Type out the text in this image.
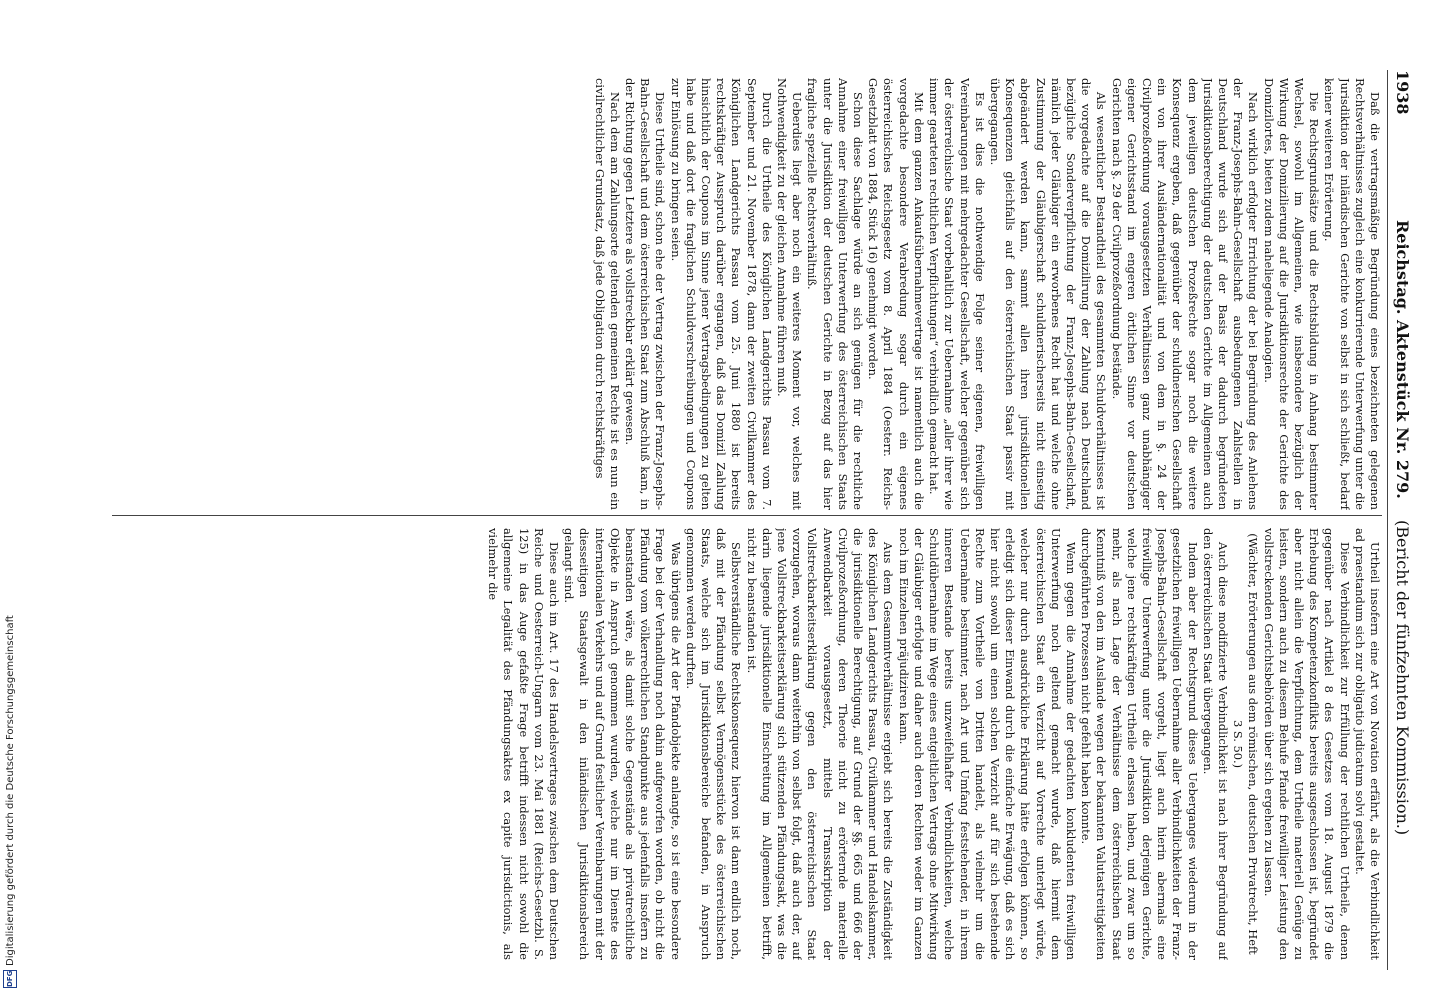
DFG
Digitalisierung gefördert durch die Deutsche Forschungsgemeinschaft
1938
Reichstag. Aktenstück Nr. 279.
(Bericht der fünfzehnten Kommission.)

Daß die vertragsmäßige Begründung eines bezeichneten gelegenen Rechtsverhältnisses zugleich eine konkurrierende Unterwerfung unter die Jurisdiktion der inländischen Gerichte von selbst in sich schließt, bedarf keiner weiteren Erörterung.

Die Rechtsgrundsätze und die Rechtsbildung in Anhang bestimmter Wechsel, sowohl im Allgemeinen, wie insbesondere bezüglich der Wirkung der Domizilierung auf die Jurisdiktionsrechte der Gerichte des Domizilortes, bieten zudem naheliegende Analogien.

Nach wirklich erfolgter Errichtung der bei Begründung des Anlehens der Franz-Josephs-Bahn-Gesellschaft ausbedungenen Zahlstellen in Deutschland wurde sich auf der Basis der dadurch begründeten Jurisdiktionsberechtigung der deutschen Gerichte im Allgemeinen auch dem jeweiligen deutschen Prozeßrechte sogar noch die weitere Konsequenz ergeben, daß gegenüber der schuldnerischen Gesellschaft ein von ihrer Ausländernationalität und von dem in §. 24 der Civilprozeßordnung vorausgesetzten Verhältnissen ganz unabhängiger eigener Gerichtsstand im engeren örtlichen Sinne vor deutschen Gerichten nach §. 29 der Civilprozeßordnung bestände.

Als wesentlicher Bestandtheil des gesammten Schuldverhältnisses ist die vorgedachte auf die Domizilirung der Zahlung nach Deutschland bezügliche Sonderverpflichtung der Franz-Josephs-Bahn-Gesellschaft, nämlich jeder Gläubiger ein erworbenes Recht hat und welche ohne Zustimmung der Gläubigerschaft schuldnerischerseits nicht einseitig abgeändert werden kann, sammt allen ihren jurisdiktionellen Konsequenzen gleichfalls auf den österreichischen Staat passiv mit übergegangen.

Es ist dies die nothwendige Folge seiner eigenen, freiwilligen Vereinbarungen mit mehrgedachter Gesellschaft, welcher gegenüber sich der österreichische Staat vorbehaltlich zur Uebernahme „aller ihrer wie immer gearteten rechtlichen Verpflichtungen“ verbindlich gemacht hat.

Mit dem ganzen Ankaufsübernahmevertrage ist namentlich auch die vorgedachte besondere Verabredung sogar durch ein eigenes österreichisches Reichsgesetz vom 8. April 1884 (Oesterr. Reichs-Gesetzblatt von 1884, Stück 16) genehmigt worden.

Schon diese Sachlage würde an sich genügen für die rechtliche Annahme einer freiwilligen Unterwerfung des österreichischen Staats unter die Jurisdiktion der deutschen Gerichte in Bezug auf das hier fragliche spezielle Rechtsverhältniß.

Ueberdies liegt aber noch ein weiteres Moment vor, welches mit Nothwendigkeit zu der gleichen Annahme führen muß.

Durch die Urtheile des Königlichen Landgerichts Passau vom 7. September und 21. November 1878, dann der zweiten Civilkammer des Königlichen Landgerichts Passau vom 25. Juni 1880 ist bereits rechtskräftiger Ausspruch darüber ergangen, daß das Domizil Zahlung hinsichtlich der Coupons im Sinne jener Vertragsbedingungen zu gelten habe und daß dort die fraglichen Schuldverschreibungen und Coupons zur Einlösung zu bringen seien.

Diese Urtheile sind, schon ehe der Vertrag zwischen der Franz-Josephs-Bahn-Gesellschaft und dem österreichischen Staat zum Abschluß kam, in der Richtung gegen Letztere als vollstreckbar erklärt gewesen.

Nach dem am Zahlungsorte geltenden gemeinen Rechte ist es nun ein civilrechtlicher Grundsatz, daß jede Obligation durch rechtskräftiges

Urtheil insofern eine Art von Novation erfährt, als die Verbindlichkeit ad praestandum sich zur obligatio judicatum solvi gestaltet.

Diese Verbindlichkeit zur Erfüllung der rechtlichen Urtheile, denen gegenüber nach Artikel 8 des Gesetzes vom 18. August 1879 die Erhebung des Kompetenzkonflikts bereits ausgeschlossen ist, begründet aber nicht allein die Verpflichtung, dem Urtheile materiell Genüge zu leisten, sondern auch zu diesem Behufe Pfande freiwilliger Leistung den vollstreckenden Gerichtsbehörden über sich ergehen zu lassen.

(Wächter, Erörterungen aus dem römischen, deutschen Privatrecht, Heft 3 S. 50.)

Auch diese modifizierte Verbindlichkeit ist nach ihrer Begründung auf den österreichischen Staat übergegangen.

Indem aber der Rechtsgrund dieses Ueberganges wiederum in der gesetzlichen freiwilligen Uebernahme aller Verbindlichkeiten der Franz-Josephs-Bahn-Gesellschaft vorgeht, liegt auch hierin abermals eine freiwillige Unterwerfung unter die Jurisdiktion derjenigen Gerichte, welche jene rechtskräftigen Urtheile erlassen haben, und zwar um so mehr, als nach Lage der Verhältnisse dem österreichischen Staat Kenntniß von den im Auslande wegen der bekannten Valutastreitigkeiten durchgeführten Prozessen nicht gefehlt haben konnte.

Wenn gegen die Annahme der gedachten konkludenten freiwilligen Unterwerfung noch geltend gemacht wurde, daß hiermit dem österreichischen Staat ein Verzicht auf Vorrechte unterlegt würde, welcher nur durch ausdrückliche Erklärung hätte erfolgen können, so erledigt sich dieser Einwand durch die einfache Erwägung, daß es sich hier nicht sowohl um einen solchen Verzicht auf für sich bestehende Rechte zum Vortheile von Dritten handelt, als vielmehr um die Uebernahme bestimmter, nach Art und Umfang feststehender, in ihrem inneren Bestande bereits unzweifelhafter Verbindlichkeiten, welche Schuldübernahme im Wege eines entgeltlichen Vertrags ohne Mitwirkung der Gläubiger erfolgte und daher auch deren Rechten weder im Ganzen noch im Einzelnen präjudiziren kann.

Aus dem Gesammtverhältnisse ergiebt sich bereits die Zuständigkeit des Königlichen Landgerichts Passau, Civilkammer und Handelskammer, die jurisdiktionelle Berechtigung, auf Grund der §§. 665 und 666 der Civilprozeßordnung, deren Theorie nicht zu erörternde materielle Anwendbarkeit vorausgesetzt, mittels Transskription der Vollstreckbarkeitserklärung gegen den österreichischen Staat vorzugehen, woraus dann weiterhin von selbst folgt, daß auch der, auf jene Vollstreckbarkeitserklärung sich stützenden Pfändungsakt, was die darin liegende jurisdiktionelle Einschreitung im Allgemeinen betrifft, nicht zu beanstanden ist.

Selbstverständliche Rechtskonsequenz hiervon ist dann endlich noch, daß mit der Pfändung selbst Vermögensstücke des österreichischen Staats, welche sich im Jurisdiktionsbereiche befanden, in Anspruch genommen werden durften.

Was übrigens die Art der Pfandobjekte anlangte, so ist eine besondere Frage bei der Verhandlung noch dahin aufgeworfen worden, ob nicht die Pfändung vom völkerrechtlichen Standpunkte aus jedenfalls insofern zu beanstanden wäre, als damit solche Gegenstände als privatrechtliche Objekte in Anspruch genommen wurden, welche nur im Dienste des internationalen Verkehrs und auf Grund festlicher Vereinbarungen mit der diesseitigen Staatsgewalt in den inländischen Jurisdiktionsbereich gelangt sind.

Diese auch im Art. 17 des Handelsvertrages zwischen dem Deutschen Reiche und Oesterreich-Ungarn vom 23. Mai 1881 (Reichs-Gesetzbl. S. 125) in das Auge gefaßte Frage betrifft indessen nicht sowohl die allgemeine Legalität des Pfändungsaktes ex capite jurisdictionis, als vielmehr die
